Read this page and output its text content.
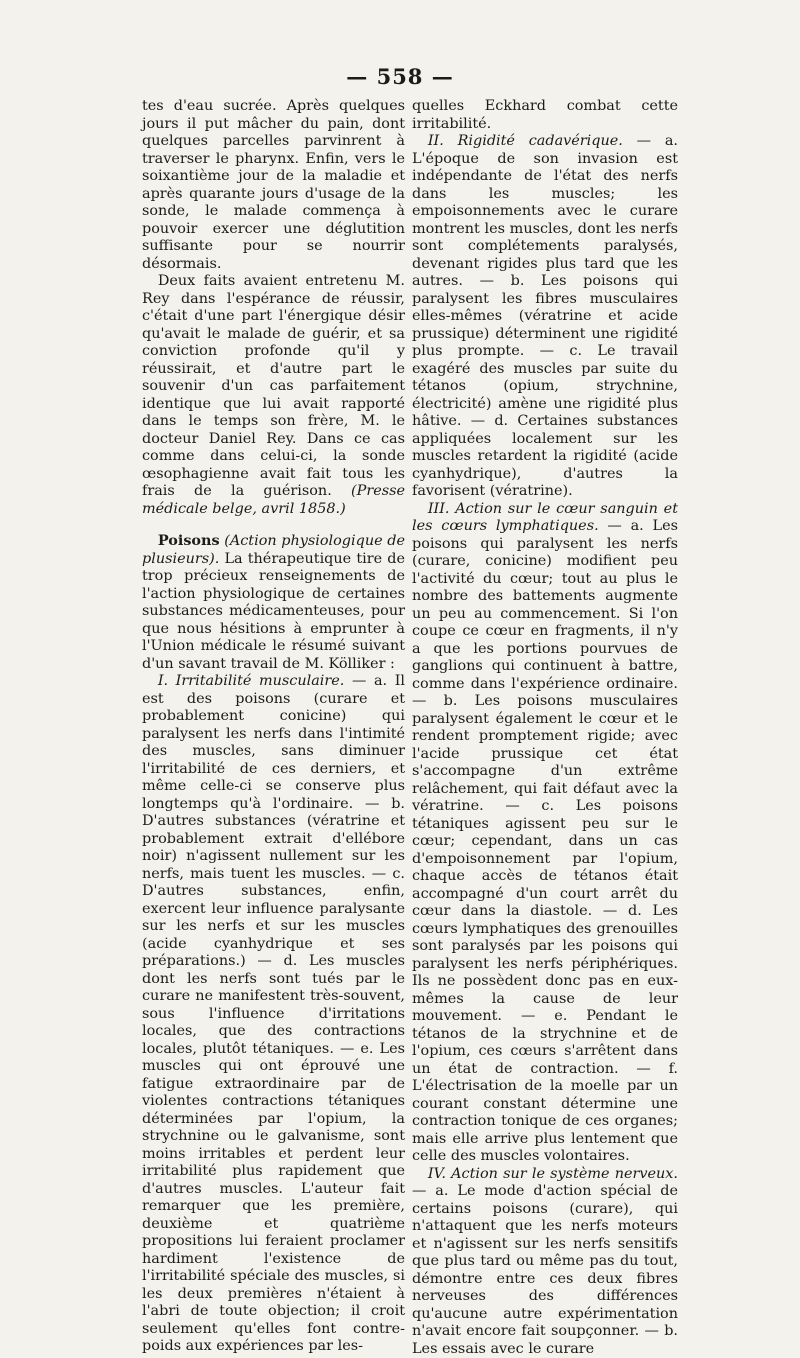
— 558 —

tes d'eau sucrée. Après quelques jours il put mâcher du pain, dont quelques parcelles parvinrent à traverser le pharynx. Enfin, vers le soixantième jour de la maladie et après quarante jours d'usage de la sonde, le malade commença à pouvoir exercer une déglutition suffisante pour se nourrir désormais.

Deux faits avaient entretenu M. Rey dans l'espérance de réussir, c'était d'une part l'énergique désir qu'avait le malade de guérir, et sa conviction profonde qu'il y réussirait, et d'autre part le souvenir d'un cas parfaitement identique que lui avait rapporté dans le temps son frère, M. le docteur Daniel Rey. Dans ce cas comme dans celui-ci, la sonde œsophagienne avait fait tous les frais de la guérison. (Presse médicale belge, avril 1858.)

Poisons (Action physiologique de plusieurs). La thérapeutique tire de trop précieux renseignements de l'action physiologique de certaines substances médicamenteuses, pour que nous hésitions à emprunter à l'Union médicale le résumé suivant d'un savant travail de M. Kölliker :

I. Irritabilité musculaire. — a. Il est des poisons (curare et probablement conicine) qui paralysent les nerfs dans l'intimité des muscles, sans diminuer l'irritabilité de ces derniers, et même celle-ci se conserve plus longtemps qu'à l'ordinaire. — b. D'autres substances (vératrine et probablement extrait d'ellébore noir) n'agissent nullement sur les nerfs, mais tuent les muscles. — c. D'autres substances, enfin, exercent leur influence paralysante sur les nerfs et sur les muscles (acide cyanhydrique et ses préparations.) — d. Les muscles dont les nerfs sont tués par le curare ne manifestent très-souvent, sous l'influence d'irritations locales, que des contractions locales, plutôt tétaniques. — e. Les muscles qui ont éprouvé une fatigue extraordinaire par de violentes contractions tétaniques déterminées par l'opium, la strychnine ou le galvanisme, sont moins irritables et perdent leur irritabilité plus rapidement que d'autres muscles. L'auteur fait remarquer que les première, deuxième et quatrième propositions lui feraient proclamer hardiment l'existence de l'irritabilité spéciale des muscles, si les deux premières n'étaient à l'abri de toute objection; il croit seulement qu'elles font contre-poids aux expériences par les-

quelles Eckhard combat cette irritabilité.

II. Rigidité cadavérique. — a. L'époque de son invasion est indépendante de l'état des nerfs dans les muscles; les empoisonnements avec le curare montrent les muscles, dont les nerfs sont complétements paralysés, devenant rigides plus tard que les autres. — b. Les poisons qui paralysent les fibres musculaires elles-mêmes (vératrine et acide prussique) déterminent une rigidité plus prompte. — c. Le travail exagéré des muscles par suite du tétanos (opium, strychnine, électricité) amène une rigidité plus hâtive. — d. Certaines substances appliquées localement sur les muscles retardent la rigidité (acide cyanhydrique), d'autres la favorisent (vératrine).

III. Action sur le cœur sanguin et les cœurs lymphatiques. — a. Les poisons qui paralysent les nerfs (curare, conicine) modifient peu l'activité du cœur; tout au plus le nombre des battements augmente un peu au commencement. Si l'on coupe ce cœur en fragments, il n'y a que les portions pourvues de ganglions qui continuent à battre, comme dans l'expérience ordinaire. — b. Les poisons musculaires paralysent également le cœur et le rendent promptement rigide; avec l'acide prussique cet état s'accompagne d'un extrême relâchement, qui fait défaut avec la vératrine. — c. Les poisons tétaniques agissent peu sur le cœur; cependant, dans un cas d'empoisonnement par l'opium, chaque accès de tétanos était accompagné d'un court arrêt du cœur dans la diastole. — d. Les cœurs lymphatiques des grenouilles sont paralysés par les poisons qui paralysent les nerfs périphériques. Ils ne possèdent donc pas en eux-mêmes la cause de leur mouvement. — e. Pendant le tétanos de la strychnine et de l'opium, ces cœurs s'arrêtent dans un état de contraction. — f. L'électrisation de la moelle par un courant constant détermine une contraction tonique de ces organes; mais elle arrive plus lentement que celle des muscles volontaires.

IV. Action sur le système nerveux. — a. Le mode d'action spécial de certains poisons (curare), qui n'attaquent que les nerfs moteurs et n'agissent sur les nerfs sensitifs que plus tard ou même pas du tout, démontre entre ces deux fibres nerveuses des différences qu'aucune autre expérimentation n'avait encore fait soupçonner. — b. Les essais avec le curare
